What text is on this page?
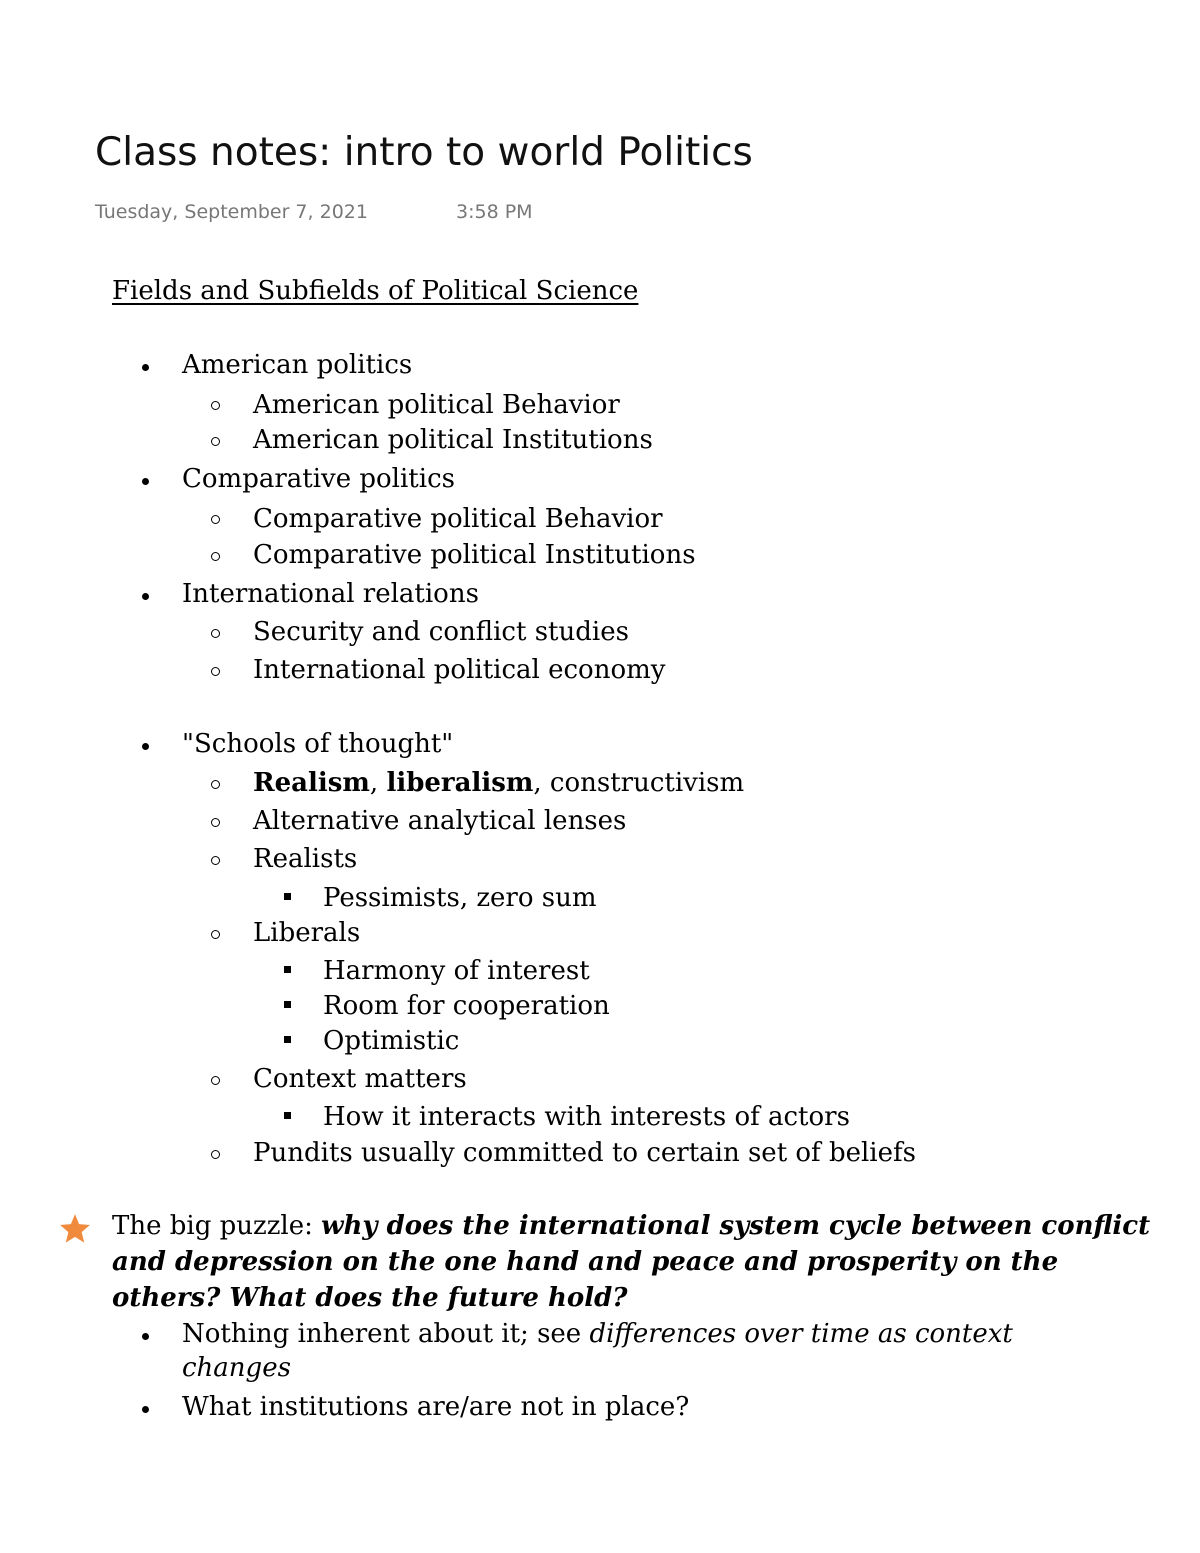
Class notes: intro to world Politics
Tuesday, September 7, 2021	3:58 PM
Fields and Subfields of Political Science
American politics
American political Behavior
American political Institutions
Comparative politics
Comparative political Behavior
Comparative political Institutions
International relations
Security and conflict studies
International political economy
"Schools of thought"
Realism, liberalism, constructivism
Alternative analytical lenses
Realists
Pessimists, zero sum
Liberals
Harmony of interest
Room for cooperation
Optimistic
Context matters
How it interacts with interests of actors
Pundits usually committed to certain set of beliefs
The big puzzle: why does the international system cycle between conflict and depression on the one hand and peace and prosperity on the others? What does the future hold?
Nothing inherent about it; see differences over time as context changes
What institutions are/are not in place?
